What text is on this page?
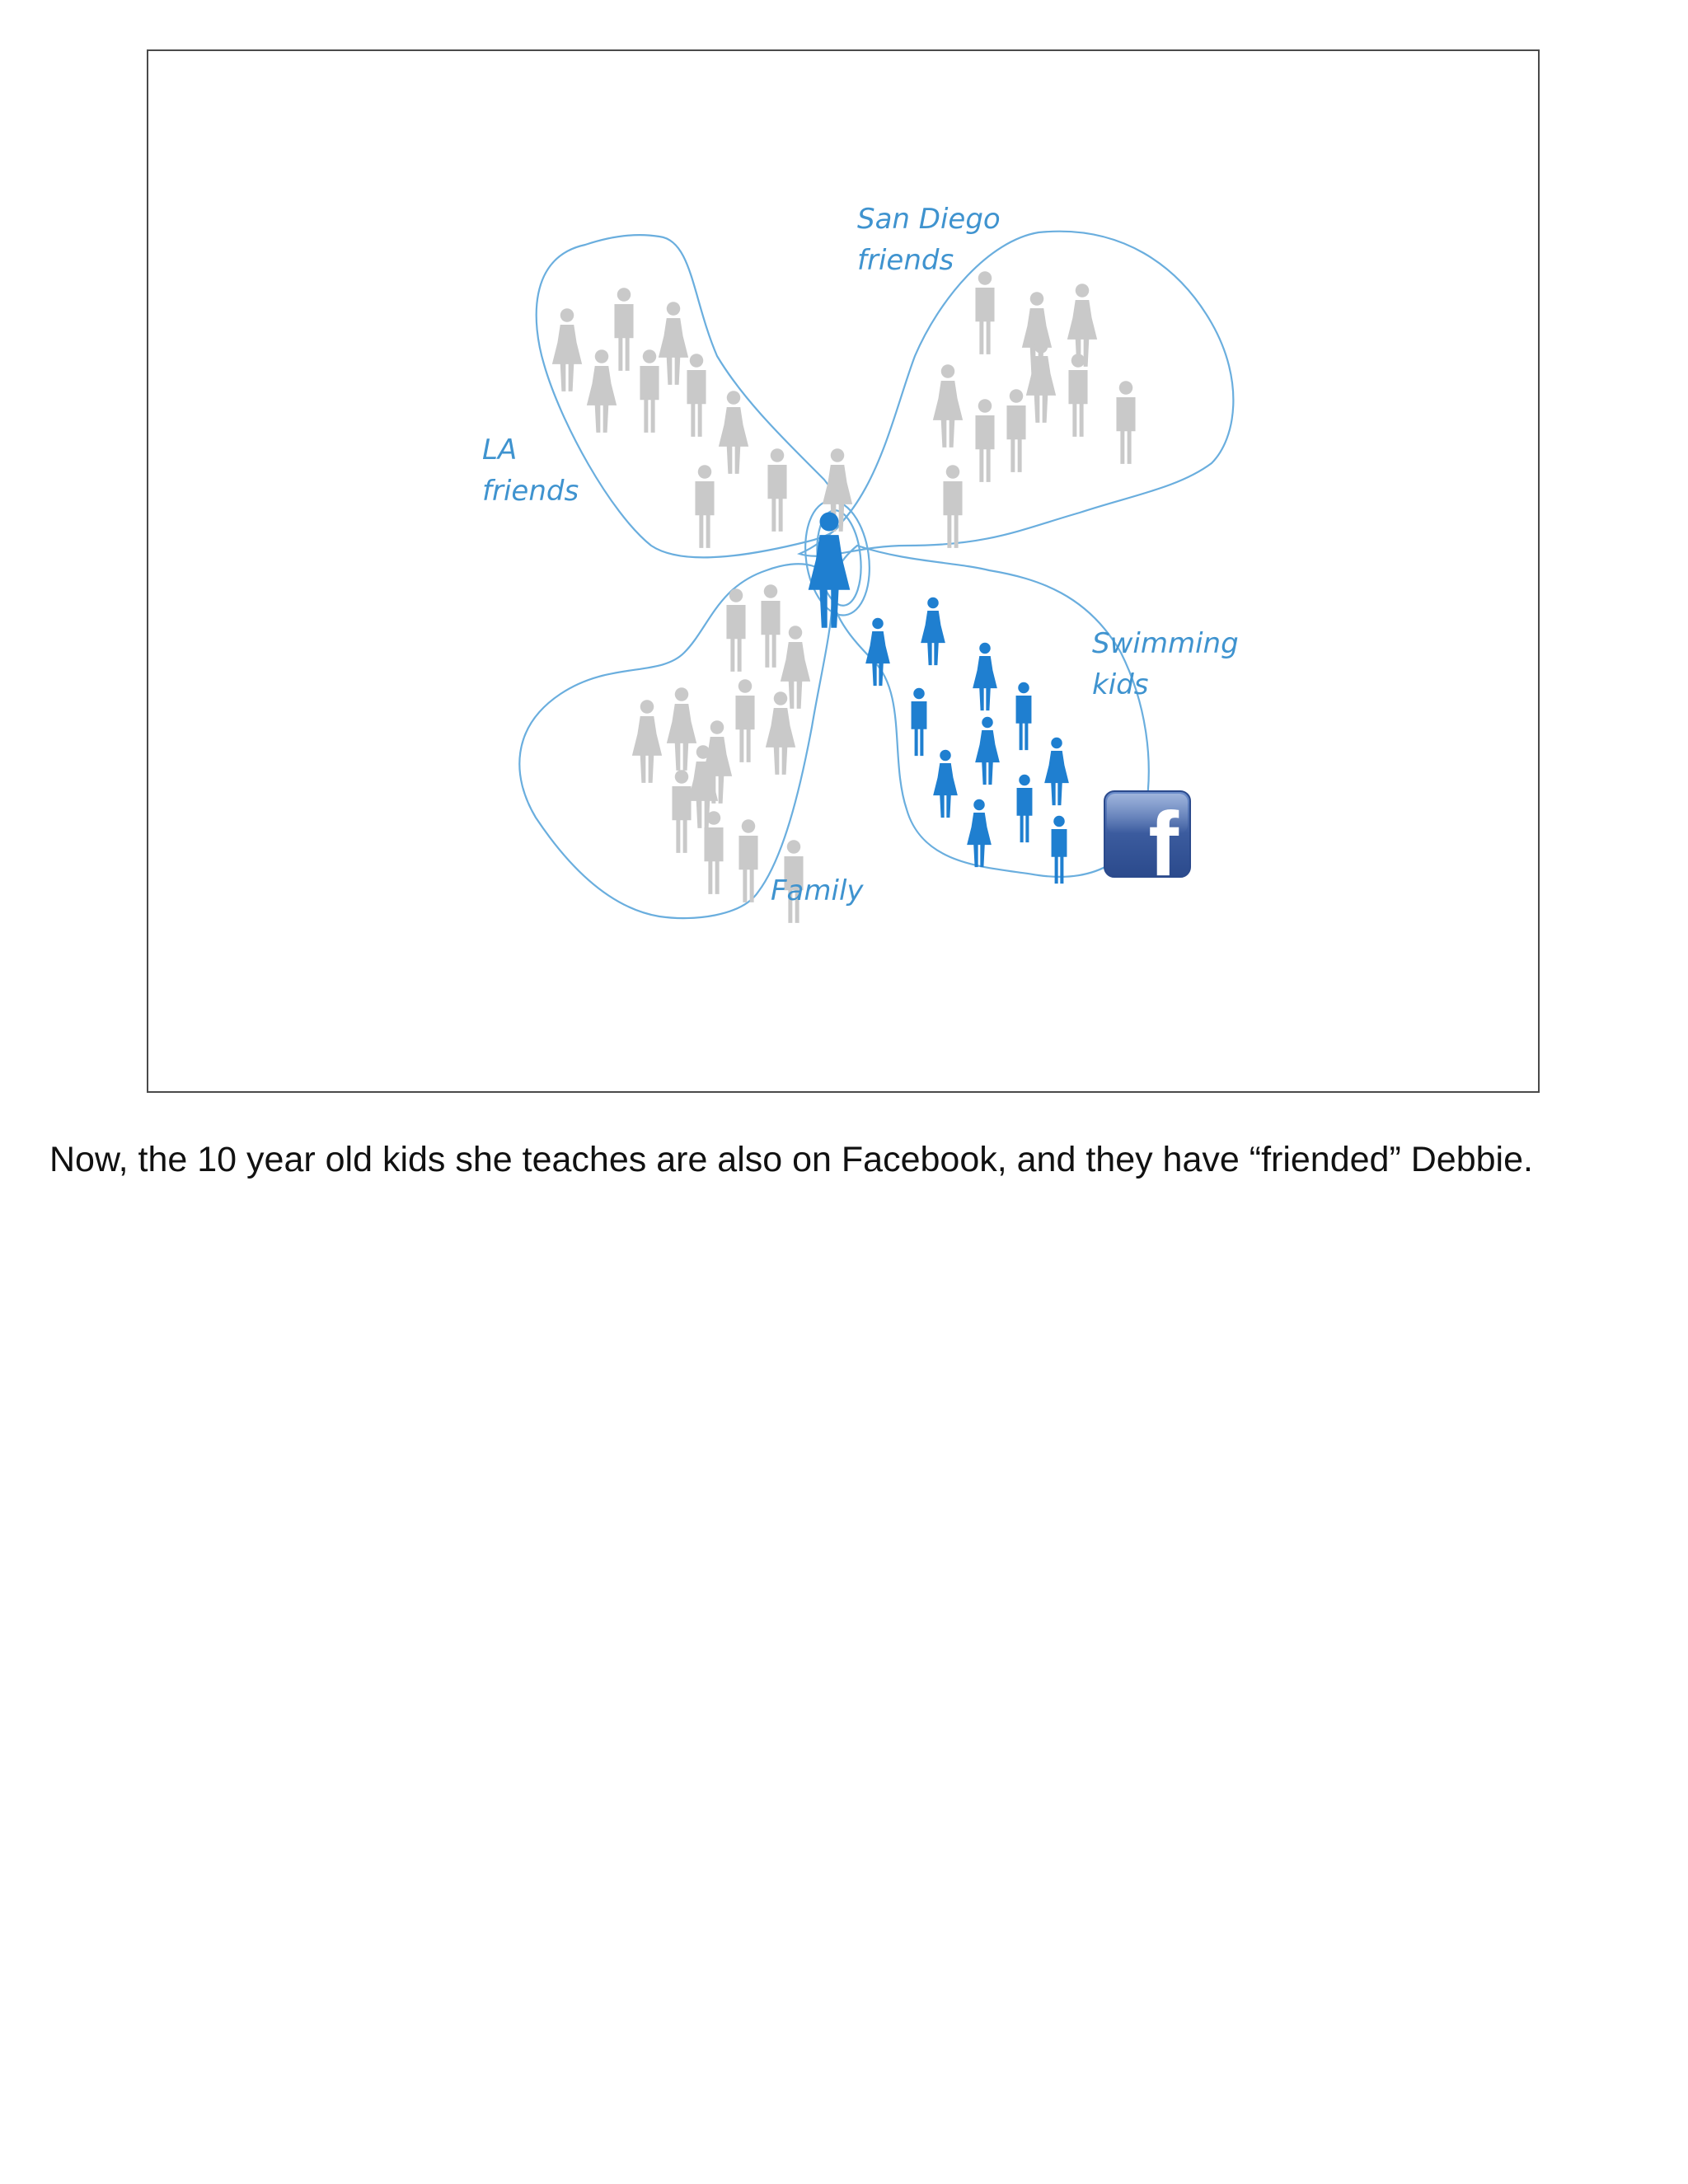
LA
friends
San Diego
friends
Swimming
kids
Family	f
Now, the 10 year old kids she teaches are also on Facebook, and they have “friended” Debbie.
